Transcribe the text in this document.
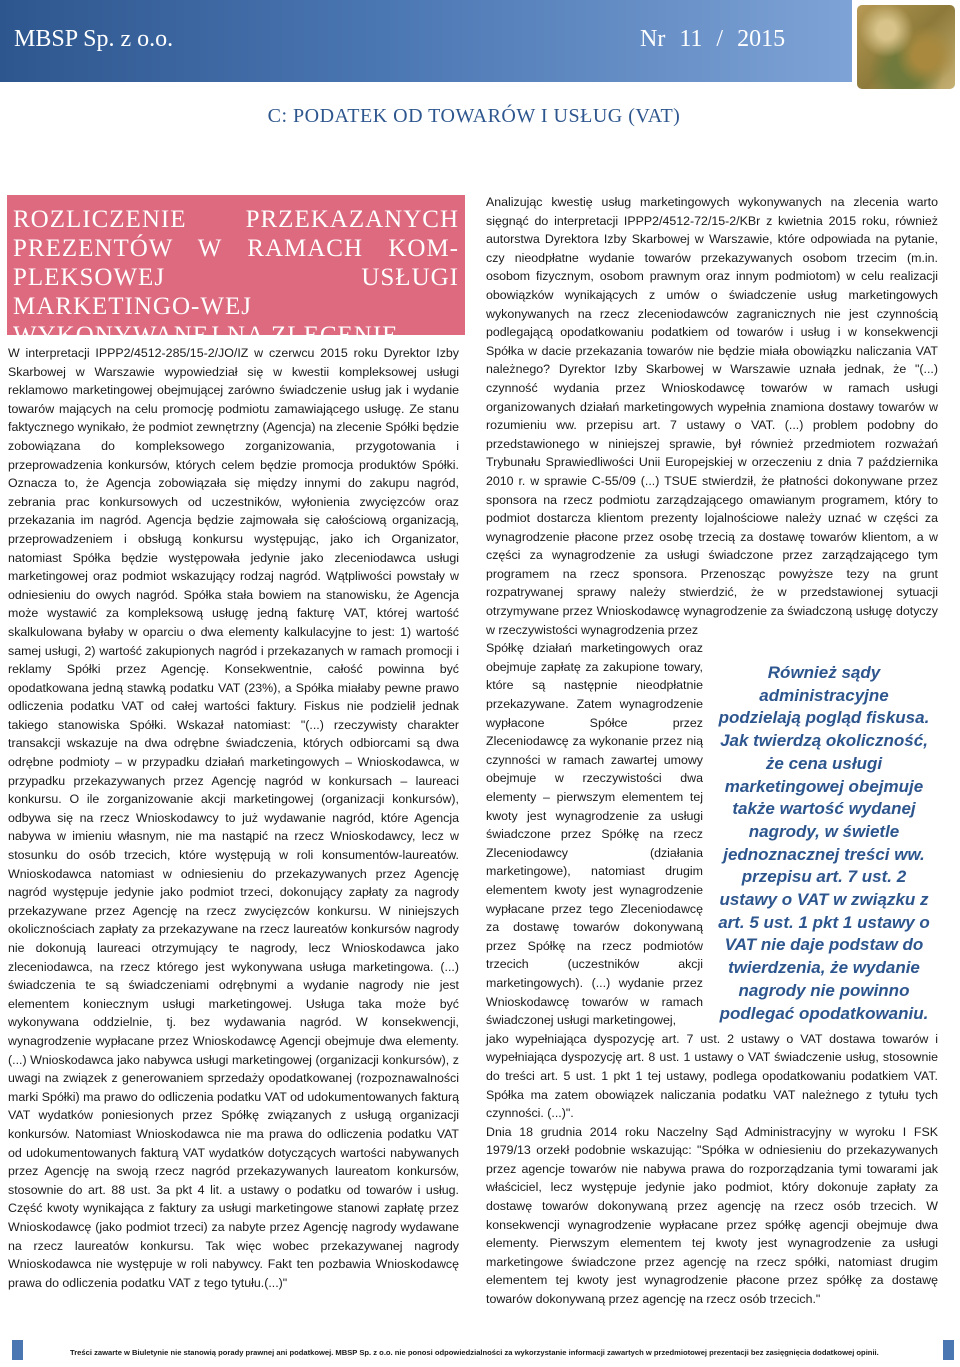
MBSP Sp. z o.o.	Nr 11 / 2015
C: PODATEK OD TOWARÓW I USŁUG (VAT)
ROZLICZENIE PRZEKAZANYCH PREZENTÓW W RAMACH KOM-PLEKSOWEJ USŁUGI MARKETINGO-WEJ WYKONYWANEJ NA ZLECENIE

W interpretacji IPPP2/4512-285/15-2/JO/IZ w czerwcu 2015 roku Dyrektor Izby Skarbowej w Warszawie wypowiedział się w kwestii kompleksowej usługi reklamowo marketingowej obejmującej zarówno świadczenie usług jak i wydanie towarów mających na celu promocję podmiotu zamawiającego usługę. Ze stanu faktycznego wynikało, że podmiot zewnętrzny (Agencja) na zlecenie Spółki będzie zobowiązana do kompleksowego zorganizowania, przygotowania i przeprowadzenia konkursów, których celem będzie promocja produktów Spółki. Oznacza to, że Agencja zobowiązała się między innymi do zakupu nagród, zebrania prac konkursowych od uczestników, wyłonienia zwycięzców oraz przekazania im nagród. Agencja będzie zajmowała się całościową organizacją, przeprowadzeniem i obsługą konkursu występując, jako ich Organizator, natomiast Spółka będzie występowała jedynie jako zleceniodawca usługi marketingowej oraz podmiot wskazujący rodzaj nagród. Wątpliwości powstały w odniesieniu do owych nagród. Spółka stała bowiem na stanowisku, że Agencja może wystawić za kompleksową usługę jedną fakturę VAT, której wartość skalkulowana byłaby w oparciu o dwa elementy kalkulacyjne to jest: 1) wartość samej usługi, 2) wartość zakupionych nagród i przekazanych w ramach promocji i reklamy Spółki przez Agencję. Konsekwentnie, całość powinna być opodatkowana jedną stawką podatku VAT (23%), a Spółka miałaby pewne prawo odliczenia podatku VAT od całej wartości faktury. Fiskus nie podzielił jednak takiego stanowiska Spółki. Wskazał natomiast: "(...) rzeczywisty charakter transakcji wskazuje na dwa odrębne świadczenia, których odbiorcami są dwa odrębne podmioty – w przypadku działań marketingowych – Wnioskodawca, w przypadku przekazywanych przez Agencję nagród w konkursach – laureaci konkursu. O ile zorganizowanie akcji marketingowej (organizacji konkursów), odbywa się na rzecz Wnioskodawcy to już wydawanie nagród, które Agencja nabywa w imieniu własnym, nie ma nastąpić na rzecz Wnioskodawcy, lecz w stosunku do osób trzecich, które występują w roli konsumentów-laureatów. Wnioskodawca natomiast w odniesieniu do przekazywanych przez Agencję nagród występuje jedynie jako podmiot trzeci, dokonujący zapłaty za nagrody przekazywane przez Agencję na rzecz zwycięzców konkursu. W niniejszych okolicznościach zapłaty za przekazywane na rzecz laureatów konkursów nagrody nie dokonują laureaci otrzymujący te nagrody, lecz Wnioskodawca jako zleceniodawca, na rzecz którego jest wykonywana usługa marketingowa. (...) świadczenia te są świadczeniami odrębnymi a wydanie nagrody nie jest elementem koniecznym usługi marketingowej. Usługa taka może być wykonywana oddzielnie, tj. bez wydawania nagród. W konsekwencji, wynagrodzenie wypłacane przez Wnioskodawcę Agencji obejmuje dwa elementy. (...) Wnioskodawca jako nabywca usługi marketingowej (organizacji konkursów), z uwagi na związek z generowaniem sprzedaży opodatkowanej (rozpoznawalności marki Spółki) ma prawo do odliczenia podatku VAT od udokumentowanych fakturą VAT wydatków poniesionych przez Spółkę związanych z usługą organizacji konkursów. Natomiast Wnioskodawca nie ma prawa do odliczenia podatku VAT od udokumentowanych fakturą VAT wydatków dotyczących wartości nabywanych przez Agencję na swoją rzecz nagród przekazywanych laureatom konkursów, stosownie do art. 88 ust. 3a pkt 4 lit. a ustawy o podatku od towarów i usług. Część kwoty wynikająca z faktury za usługi marketingowe stanowi zapłatę przez Wnioskodawcę (jako podmiot trzeci) za nabyte przez Agencję nagrody wydawane na rzecz laureatów konkursu. Tak więc wobec przekazywanej nagrody Wnioskodawca nie występuje w roli nabywcy. Fakt ten pozbawia Wnioskodawcę prawa do odliczenia podatku VAT z tego tytułu.(...)"

Analizując kwestię usług marketingowych wykonywanych na zlecenia warto sięgnąć do interpretacji IPPP2/4512-72/15-2/KBr z kwietnia 2015 roku, również autorstwa Dyrektora Izby Skarbowej w Warszawie, które odpowiada na pytanie, czy nieodpłatne wydanie towarów przekazywanych osobom trzecim (m.in. osobom fizycznym, osobom prawnym oraz innym podmiotom) w celu realizacji obowiązków wynikających z umów o świadczenie usług marketingowych wykonywanych na rzecz zleceniodawców zagranicznych nie jest czynnością podlegającą opodatkowaniu podatkiem od towarów i usług i w konsekwencji Spółka w dacie przekazania towarów nie będzie miała obowiązku naliczania VAT należnego? Dyrektor Izby Skarbowej w Warszawie uznała jednak, że "(...) czynność wydania przez Wnioskodawcę towarów w ramach usługi organizowanych działań marketingowych wypełnia znamiona dostawy towarów w rozumieniu ww. przepisu art. 7 ustawy o VAT. (...) problem podobny do przedstawionego w niniejszej sprawie, był również przedmiotem rozważań Trybunału Sprawiedliwości Unii Europejskiej w orzeczeniu z dnia 7 października 2010 r. w sprawie C-55/09 (...) TSUE stwierdził, że płatności dokonywane przez sponsora na rzecz podmiotu zarządzającego omawianym programem, który to podmiot dostarcza klientom prezenty lojalnościowe należy uznać w części za wynagrodzenie płacone przez osobę trzecią za dostawę towarów klientom, a w części za wynagrodzenie za usługi świadczone przez zarządzającego tym programem na rzecz sponsora. Przenosząc powyższe tezy na grunt rozpatrywanej sprawy należy stwierdzić, że w przedstawionej sytuacji otrzymywane przez Wnioskodawcę wynagrodzenie za świadczoną usługę dotyczy w rzeczywistości wynagrodzenia przez

Spółkę działań marketingowych oraz obejmuje zapłatę za zakupione towary, które są następnie nieodpłatnie przekazywane. Zatem wynagrodzenie wypłacone Spółce przez Zleceniodawcę za wykonanie przez nią czynności w ramach zawartej umowy obejmuje w rzeczywistości dwa elementy – pierwszym elementem tej kwoty jest wynagrodzenie za usługi świadczone przez Spółkę na rzecz Zleceniodawcy (działania marketingowe), natomiast drugim elementem kwoty jest wynagrodzenie wypłacane przez tego Zleceniodawcę za dostawę towarów dokonywaną przez Spółkę na rzecz podmiotów trzecich (uczestników akcji marketingowych). (...) wydanie przez Wnioskodawcę towarów w ramach świadczonej usługi marketingowej,

jako wypełniająca dyspozycję art. 7 ust. 2 ustawy o VAT dostawa towarów i wypełniająca dyspozycję art. 8 ust. 1 ustawy o VAT świadczenie usług, stosownie do treści art. 5 ust. 1 pkt 1 tej ustawy, podlega opodatkowaniu podatkiem VAT. Spółka ma zatem obowiązek naliczania podatku VAT należnego z tytułu tych czynności. (...)".

Dnia 18 grudnia 2014 roku Naczelny Sąd Administracyjny w wyroku I FSK 1979/13 orzekł podobnie wskazując: "Spółka w odniesieniu do przekazywanych przez agencje towarów nie nabywa prawa do rozporządzania tymi towarami jak właściciel, lecz występuje jedynie jako podmiot, który dokonuje zapłaty za dostawę towarów dokonywaną przez agencję na rzecz osób trzecich. W konsekwencji wynagrodzenie wypłacane przez spółkę agencji obejmuje dwa elementy. Pierwszym elementem tej kwoty jest wynagrodzenie za usługi marketingowe świadczone przez agencję na rzecz spółki, natomiast drugim elementem tej kwoty jest wynagrodzenie płacone przez spółkę za dostawę towarów dokonywaną przez agencję na rzecz osób trzecich."

Również sądy administracyjne podzielają pogląd fiskusa. Jak twierdzą okoliczność, że cena usługi marketingowej obejmuje także wartość wydanej nagrody, w świetle jednoznacznej treści ww. przepisu art. 7 ust. 2 ustawy o VAT w związku z art. 5 ust. 1 pkt 1 ustawy o VAT nie daje podstaw do twierdzenia, że wydanie nagrody nie powinno podlegać opodatkowaniu.

Treści zawarte w Biuletynie nie stanowią porady prawnej ani podatkowej. MBSP Sp. z o.o. nie ponosi odpowiedzialności za wykorzystanie informacji zawartych w przedmiotowej prezentacji bez zasięgnięcia dodatkowej opinii.
